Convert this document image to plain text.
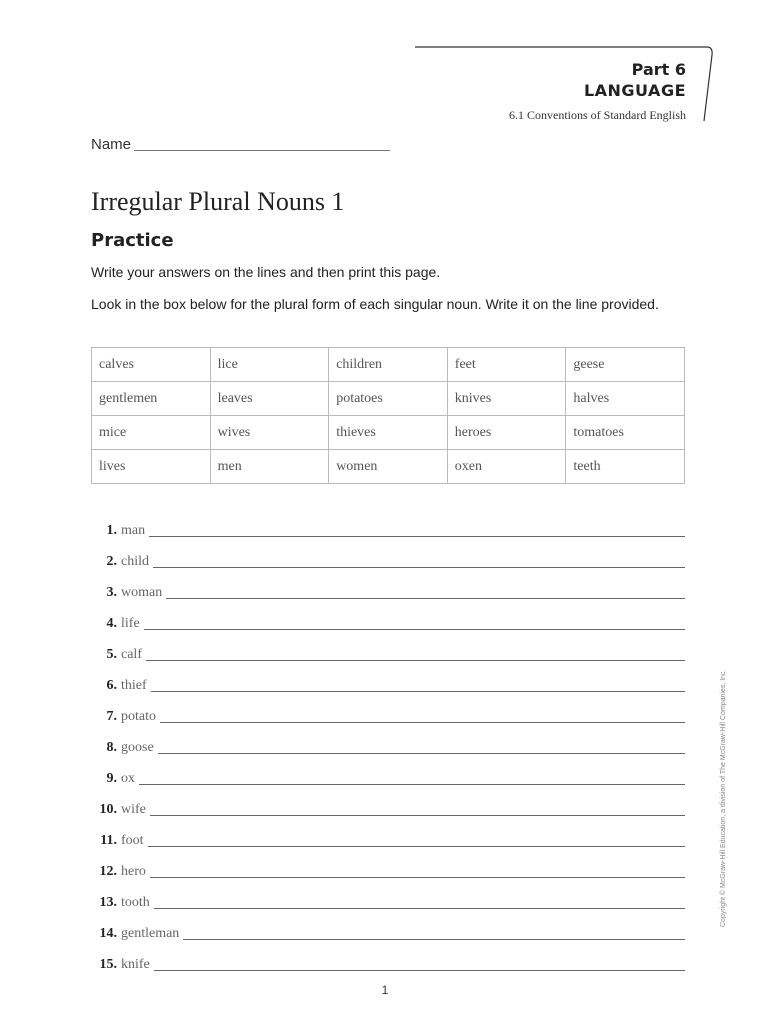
Part 6
LANGUAGE
6.1 Conventions of Standard English
Name
Irregular Plural Nouns 1
Practice

Write your answers on the lines and then print this page.

Look in the box below for the plural form of each singular noun. Write it on the line provided.

calves	lice	children	feet	geese
gentlemen	leaves	potatoes	knives	halves
mice	wives	thieves	heroes	tomatoes
lives	men	women	oxen	teeth
1. man
2. child
3. woman
4. life
5. calf
6. thief
7. potato
8. goose
9. ox
10. wife
11. foot
12. hero
13. tooth
14. gentleman
15. knife
Copyright © McGraw-Hill Education, a division of The McGraw-Hill Companies, Inc.
1
